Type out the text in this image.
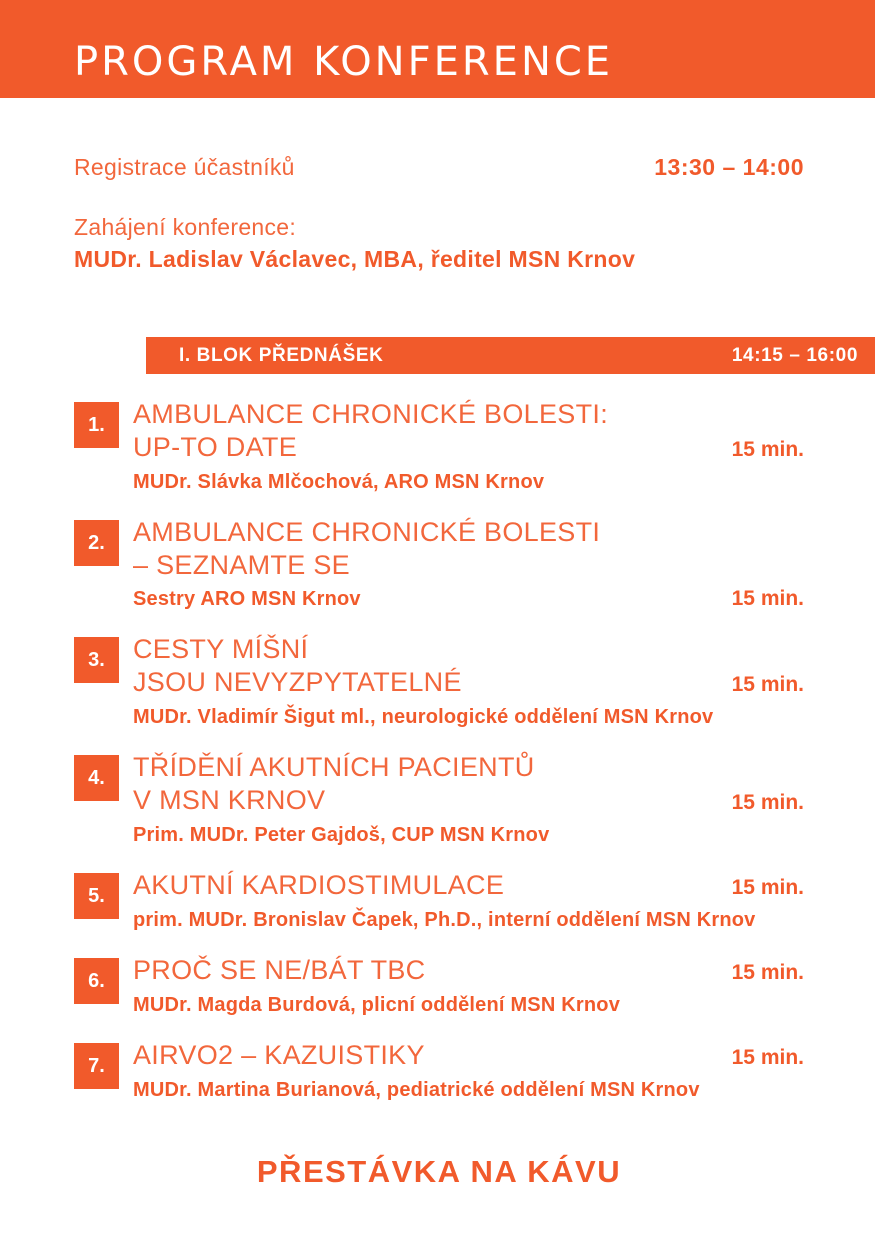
PROGRAM KONFERENCE
Registrace účastníků	13:30 – 14:00
Zahájení konference:
MUDr. Ladislav Václavec, MBA, ředitel MSN Krnov
I. BLOK PŘEDNÁŠEK	14:15 – 16:00
1.	AMBULANCE CHRONICKÉ BOLESTI:
UP-TO DATE	15 min.
MUDr. Slávka Mlčochová, ARO MSN Krnov
2.	AMBULANCE CHRONICKÉ BOLESTI
– SEZNAMTE SE
Sestry ARO MSN Krnov	15 min.
3.	CESTY MÍŠNÍ
JSOU NEVYZPYTATELNÉ	15 min.
MUDr. Vladimír Šigut ml., neurologické oddělení MSN Krnov
4.	TŘÍDĚNÍ AKUTNÍCH PACIENTŮ
V MSN KRNOV	15 min.
Prim. MUDr. Peter Gajdoš, CUP MSN Krnov
5.	AKUTNÍ KARDIOSTIMULACE	15 min.
prim. MUDr. Bronislav Čapek, Ph.D., interní oddělení MSN Krnov
6.	PROČ SE NE/BÁT TBC	15 min.
MUDr. Magda Burdová, plicní oddělení MSN Krnov
7.	AIRVO2 – KAZUISTIKY	15 min.
MUDr. Martina Burianová, pediatrické oddělení MSN Krnov
PŘESTÁVKA NA KÁVU
